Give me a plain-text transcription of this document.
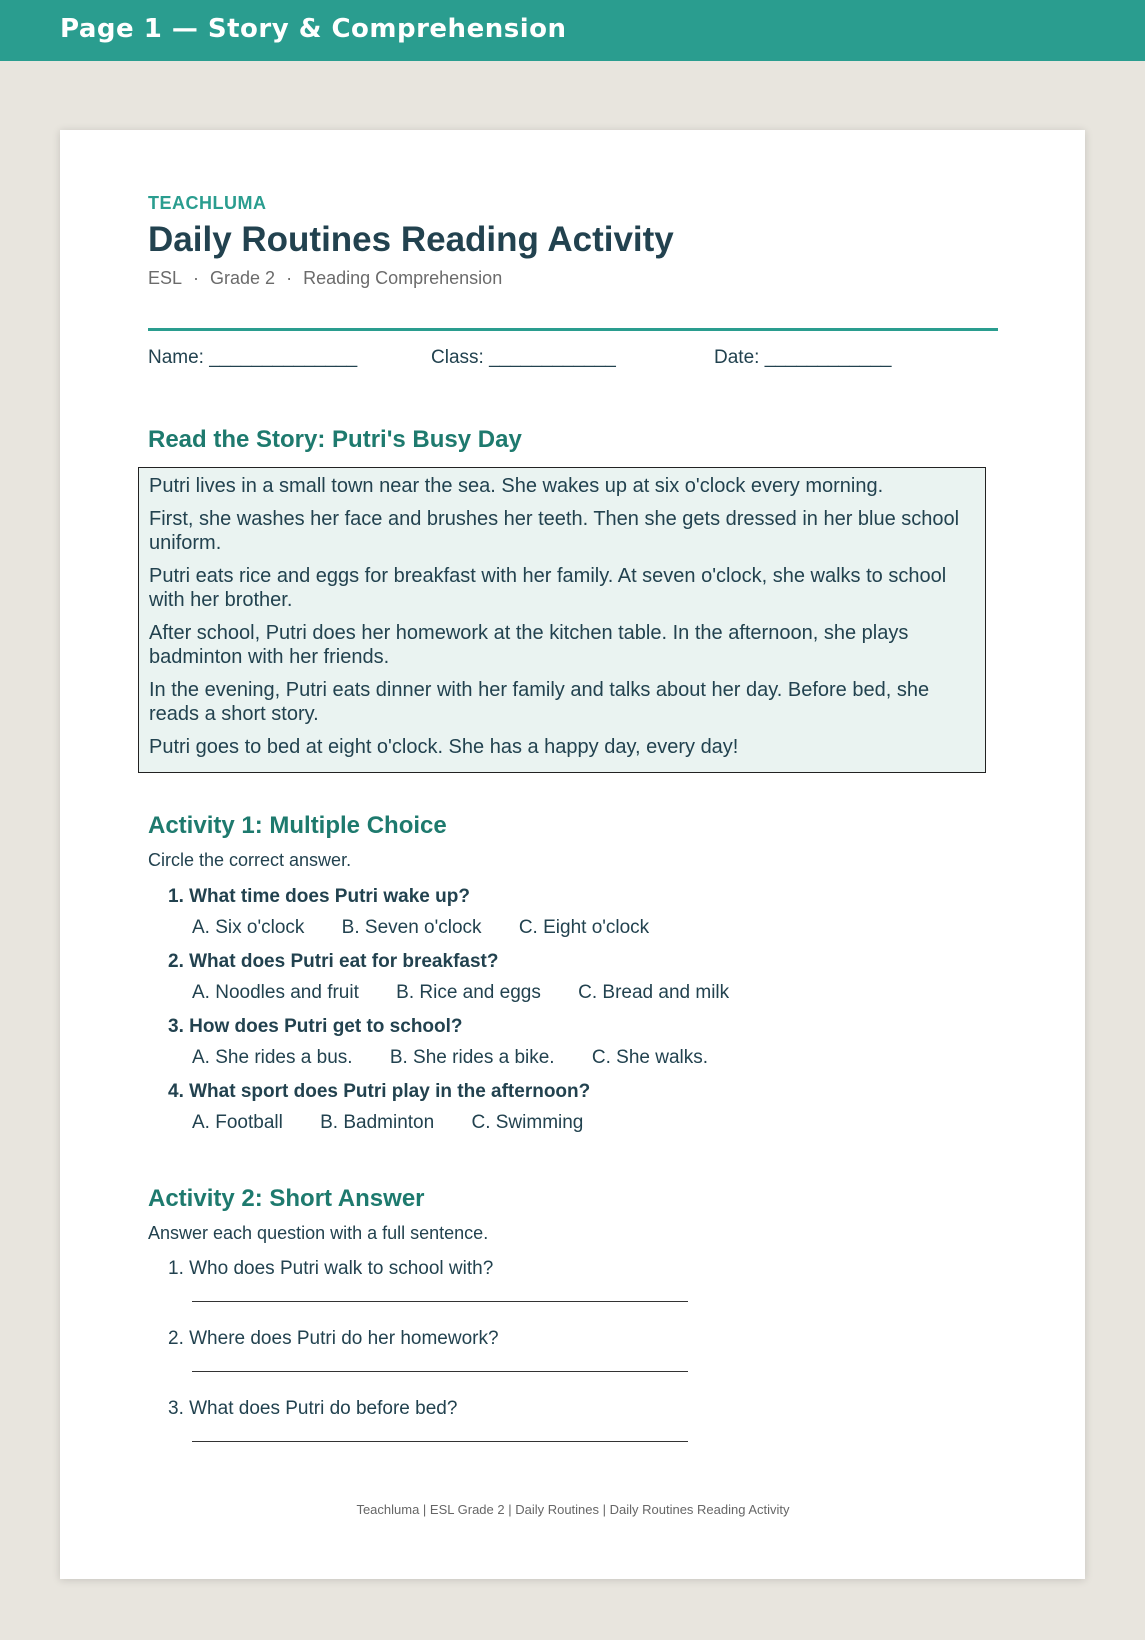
Page 1 — Story & Comprehension
TEACHLUMA
Daily Routines Reading Activity
ESL · Grade 2 · Reading Comprehension
Name: ______________	Class: ____________	Date: ____________
Read the Story: Putri's Busy Day

Putri lives in a small town near the sea. She wakes up at six o'clock every morning.

First, she washes her face and brushes her teeth. Then she gets dressed in her blue school uniform.

Putri eats rice and eggs for breakfast with her family. At seven o'clock, she walks to school with her brother.

After school, Putri does her homework at the kitchen table. In the afternoon, she plays badminton with her friends.

In the evening, Putri eats dinner with her family and talks about her day. Before bed, she reads a short story.

Putri goes to bed at eight o'clock. She has a happy day, every day!

Activity 1: Multiple Choice
Circle the correct answer.
1. What time does Putri wake up?
A. Six o'clock B. Seven o'clock C. Eight o'clock
2. What does Putri eat for breakfast?
A. Noodles and fruit B. Rice and eggs C. Bread and milk
3. How does Putri get to school?
A. She rides a bus. B. She rides a bike. C. She walks.
4. What sport does Putri play in the afternoon?
A. Football B. Badminton C. Swimming
Activity 2: Short Answer
Answer each question with a full sentence.
1. Who does Putri walk to school with?
2. Where does Putri do her homework?
3. What does Putri do before bed?
Teachluma | ESL Grade 2 | Daily Routines | Daily Routines Reading Activity
